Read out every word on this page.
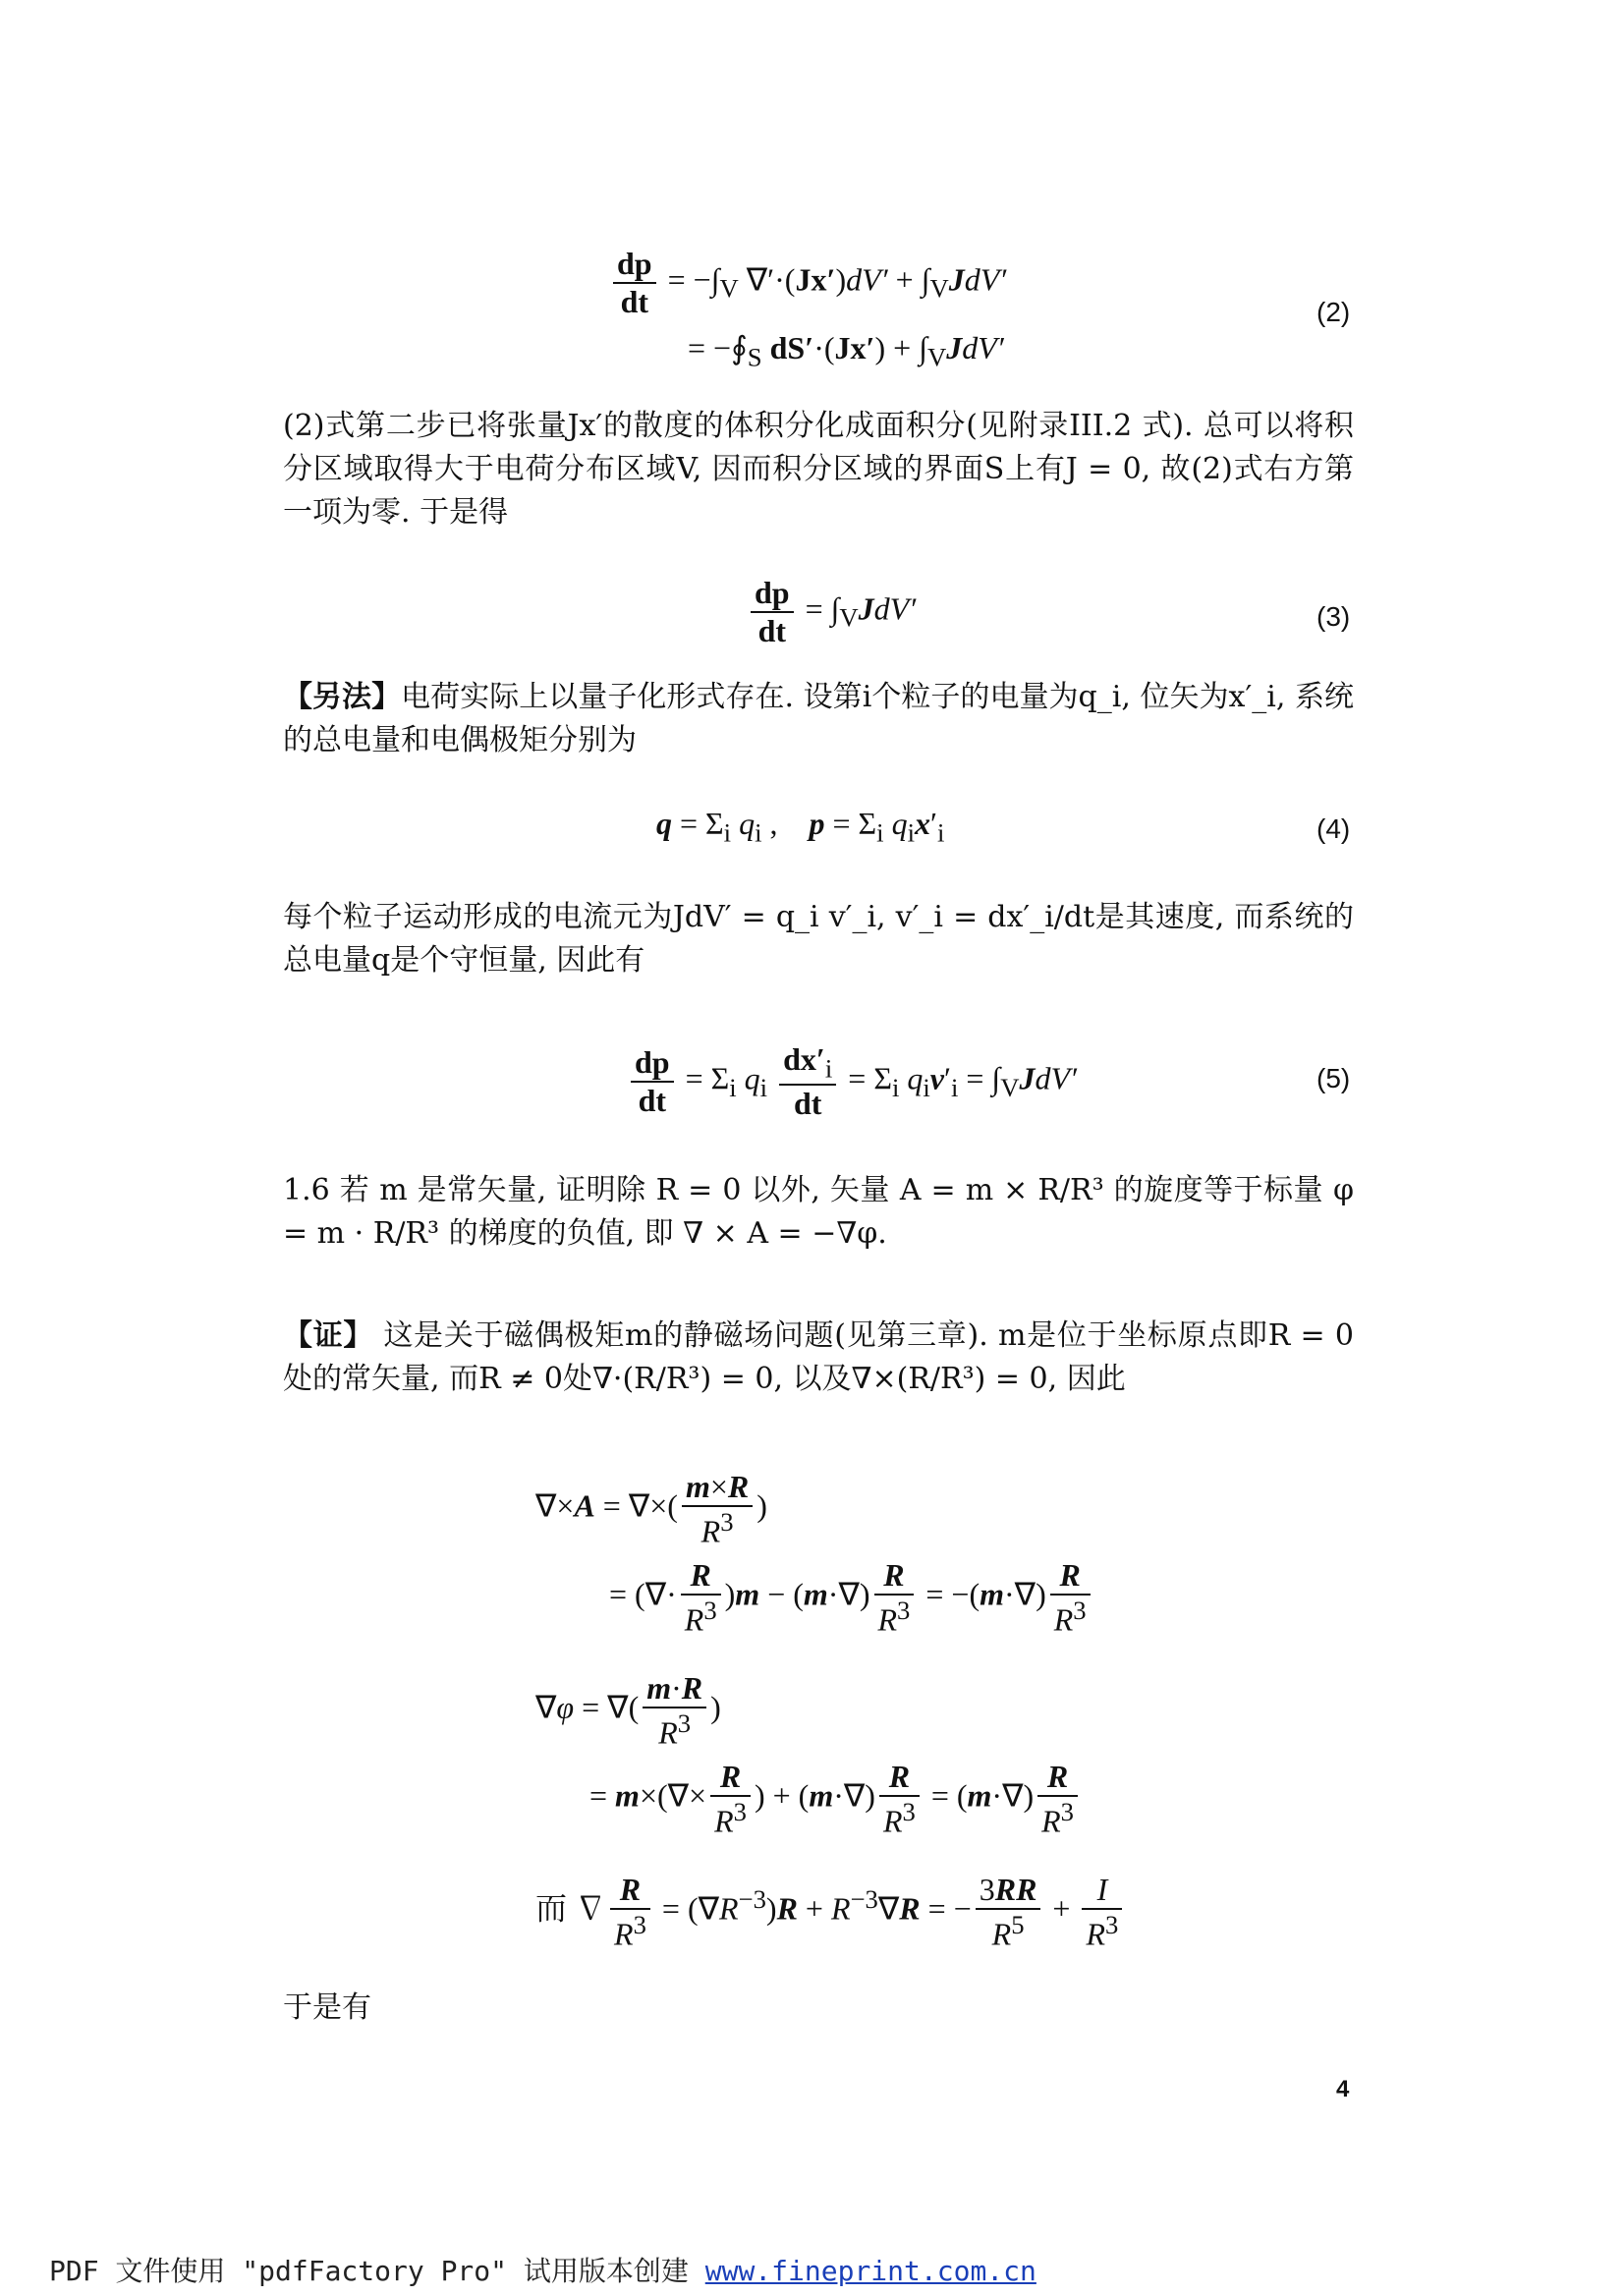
$\frac{dp}{dt} = -\int_V$ $\nabla'\cdot(Jx')dV' + \int_VJdV'$
= $-∮_S$ $dS'\cdot(Jx') + \int_VJdV'$
(2)
(2)式第二步已将张量Jx′的散度的体积分化成面积分(见附录III.2 式). 总可以将积分区域取得大于电荷分布区域V, 因而积分区域的界面S上有J = 0, 故(2)式右方第一项为零. 于是得
$\frac{dp}{dt} = \int_VJdV'$	(3)
【另法】电荷实际上以量子化形式存在. 设第i个粒子的电量为q_i, 位矢为x′_i, 系统的总电量和电偶极矩分别为
$q = \Sigma_i$ $q_i$ ,    $p = \Sigma_i$ $q_ix'_i$	(4)
每个粒子运动形成的电流元为JdV′ = q_i v′_i, v′_i = dx′_i/dt是其速度, 而系统的总电量q是个守恒量, 因此有
$\frac{dp}{dt} = \Sigma_i$ $q_i \frac{dx'_i}{dt} = \Sigma_i$ $q_iv'_i = \int_VJdV'$	(5)
1.6 若 m 是常矢量, 证明除 R = 0 以外, 矢量 A = m × R/R³ 的旋度等于标量 φ = m · R/R³ 的梯度的负值, 即 ∇ × A = −∇φ.
【证】 这是关于磁偶极矩m的静磁场问题(见第三章). m是位于坐标原点即R = 0处的常矢量, 而R ≠ 0处∇·(R/R³) = 0, 以及∇×(R/R³) = 0, 因此
∇×A = ∇×( $\frac{m\times R}{R^3}$ )
= (∇· $\frac{R}{R^3} )m - (m\cdot\nabla) \frac{R}{R^3} = -(m\cdot\nabla) \frac{R}{R^3}$
∇φ = ∇( $\frac{m\cdot R}{R^3}$ )
= $m\times(\nabla\times \frac{R}{R^3}$ ) + $(m\cdot\nabla) \frac{R}{R^3} = (m\cdot\nabla) \frac{R}{R^3}$
而 ∇ $\frac{R}{R^3} = (\nabla R^{-3})R + R^{-3}\nabla R$ = − $\frac{3RR}{R^5} + \frac{I}{R^3}$
于是有
4
PDF 文件使用 "pdfFactory Pro" 试用版本创建 www.fineprint.com.cn
